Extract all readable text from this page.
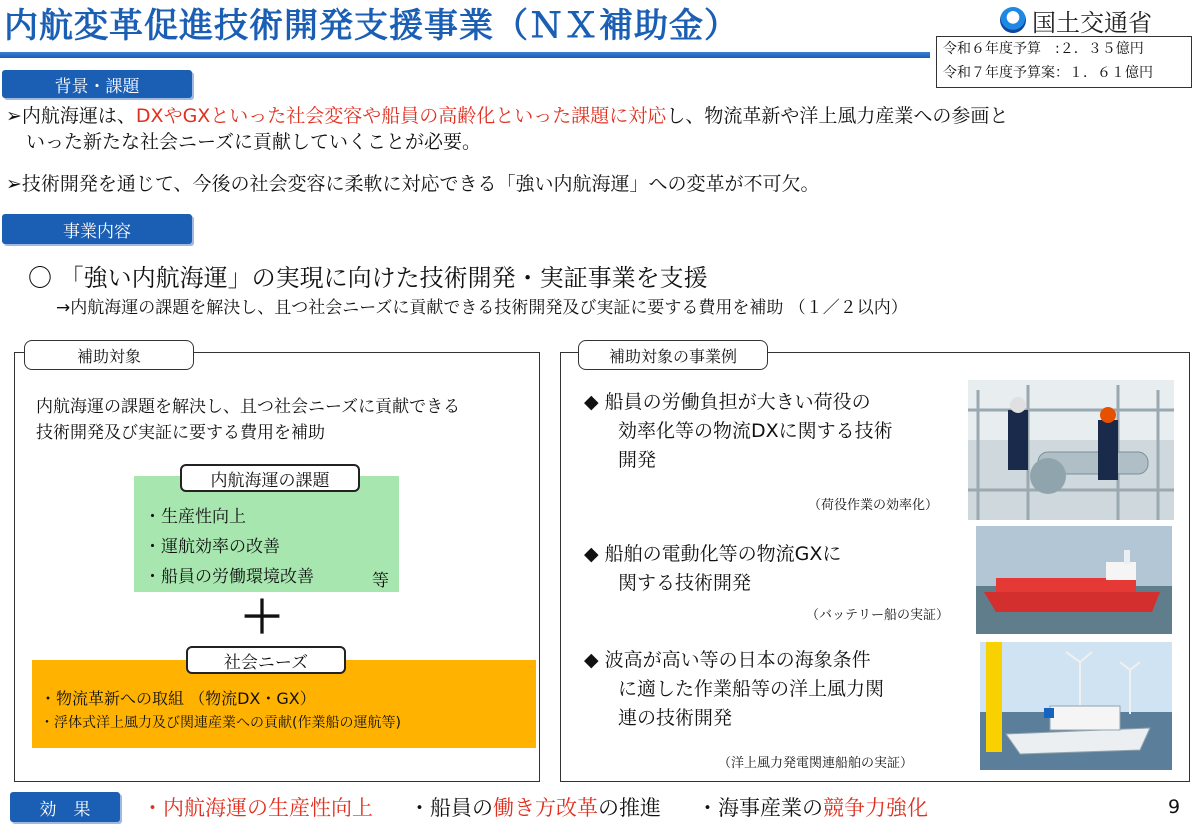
内航変革促進技術開発支援事業（ＮＸ補助金）	国土交通省
令和６年度予算　:２．３５億円
令和７年度予算案：１．６１億円
背景・課題
➢内航海運は、DXやGXといった社会変容や船員の高齢化といった課題に対応し、物流革新や洋上風力産業への参画と
いった新たな社会ニーズに貢献していくことが必要。
➢技術開発を通じて、今後の社会変容に柔軟に対応できる「強い内航海運」への変革が不可欠。
事業内容
〇 「強い内航海運」の実現に向けた技術開発・実証事業を支援
→内航海運の課題を解決し、且つ社会ニーズに貢献できる技術開発及び実証に要する費用を補助 （１／２以内）
補助対象
内航海運の課題を解決し、且つ社会ニーズに貢献できる
技術開発及び実証に要する費用を補助
内航海運の課題
・生産性向上
・運航効率の改善
・船員の労働環境改善	等
＋
社会ニーズ
・物流革新への取組 （物流DX・GX）
・浮体式洋上風力及び関連産業への貢献(作業船の運航等)
補助対象の事業例
◆ 船員の労働負担が大きい荷役の
効率化等の物流DXに関する技術
開発
（荷役作業の効率化）
◆ 船舶の電動化等の物流GXに
関する技術開発
（バッテリー船の実証）
◆ 波高が高い等の日本の海象条件
に適した作業船等の洋上風力関
連の技術開発
（洋上風力発電関連船舶の実証）
効　果	・内航海運の生産性向上 ・船員の働き方改革の推進 ・海事産業の競争力強化	9
